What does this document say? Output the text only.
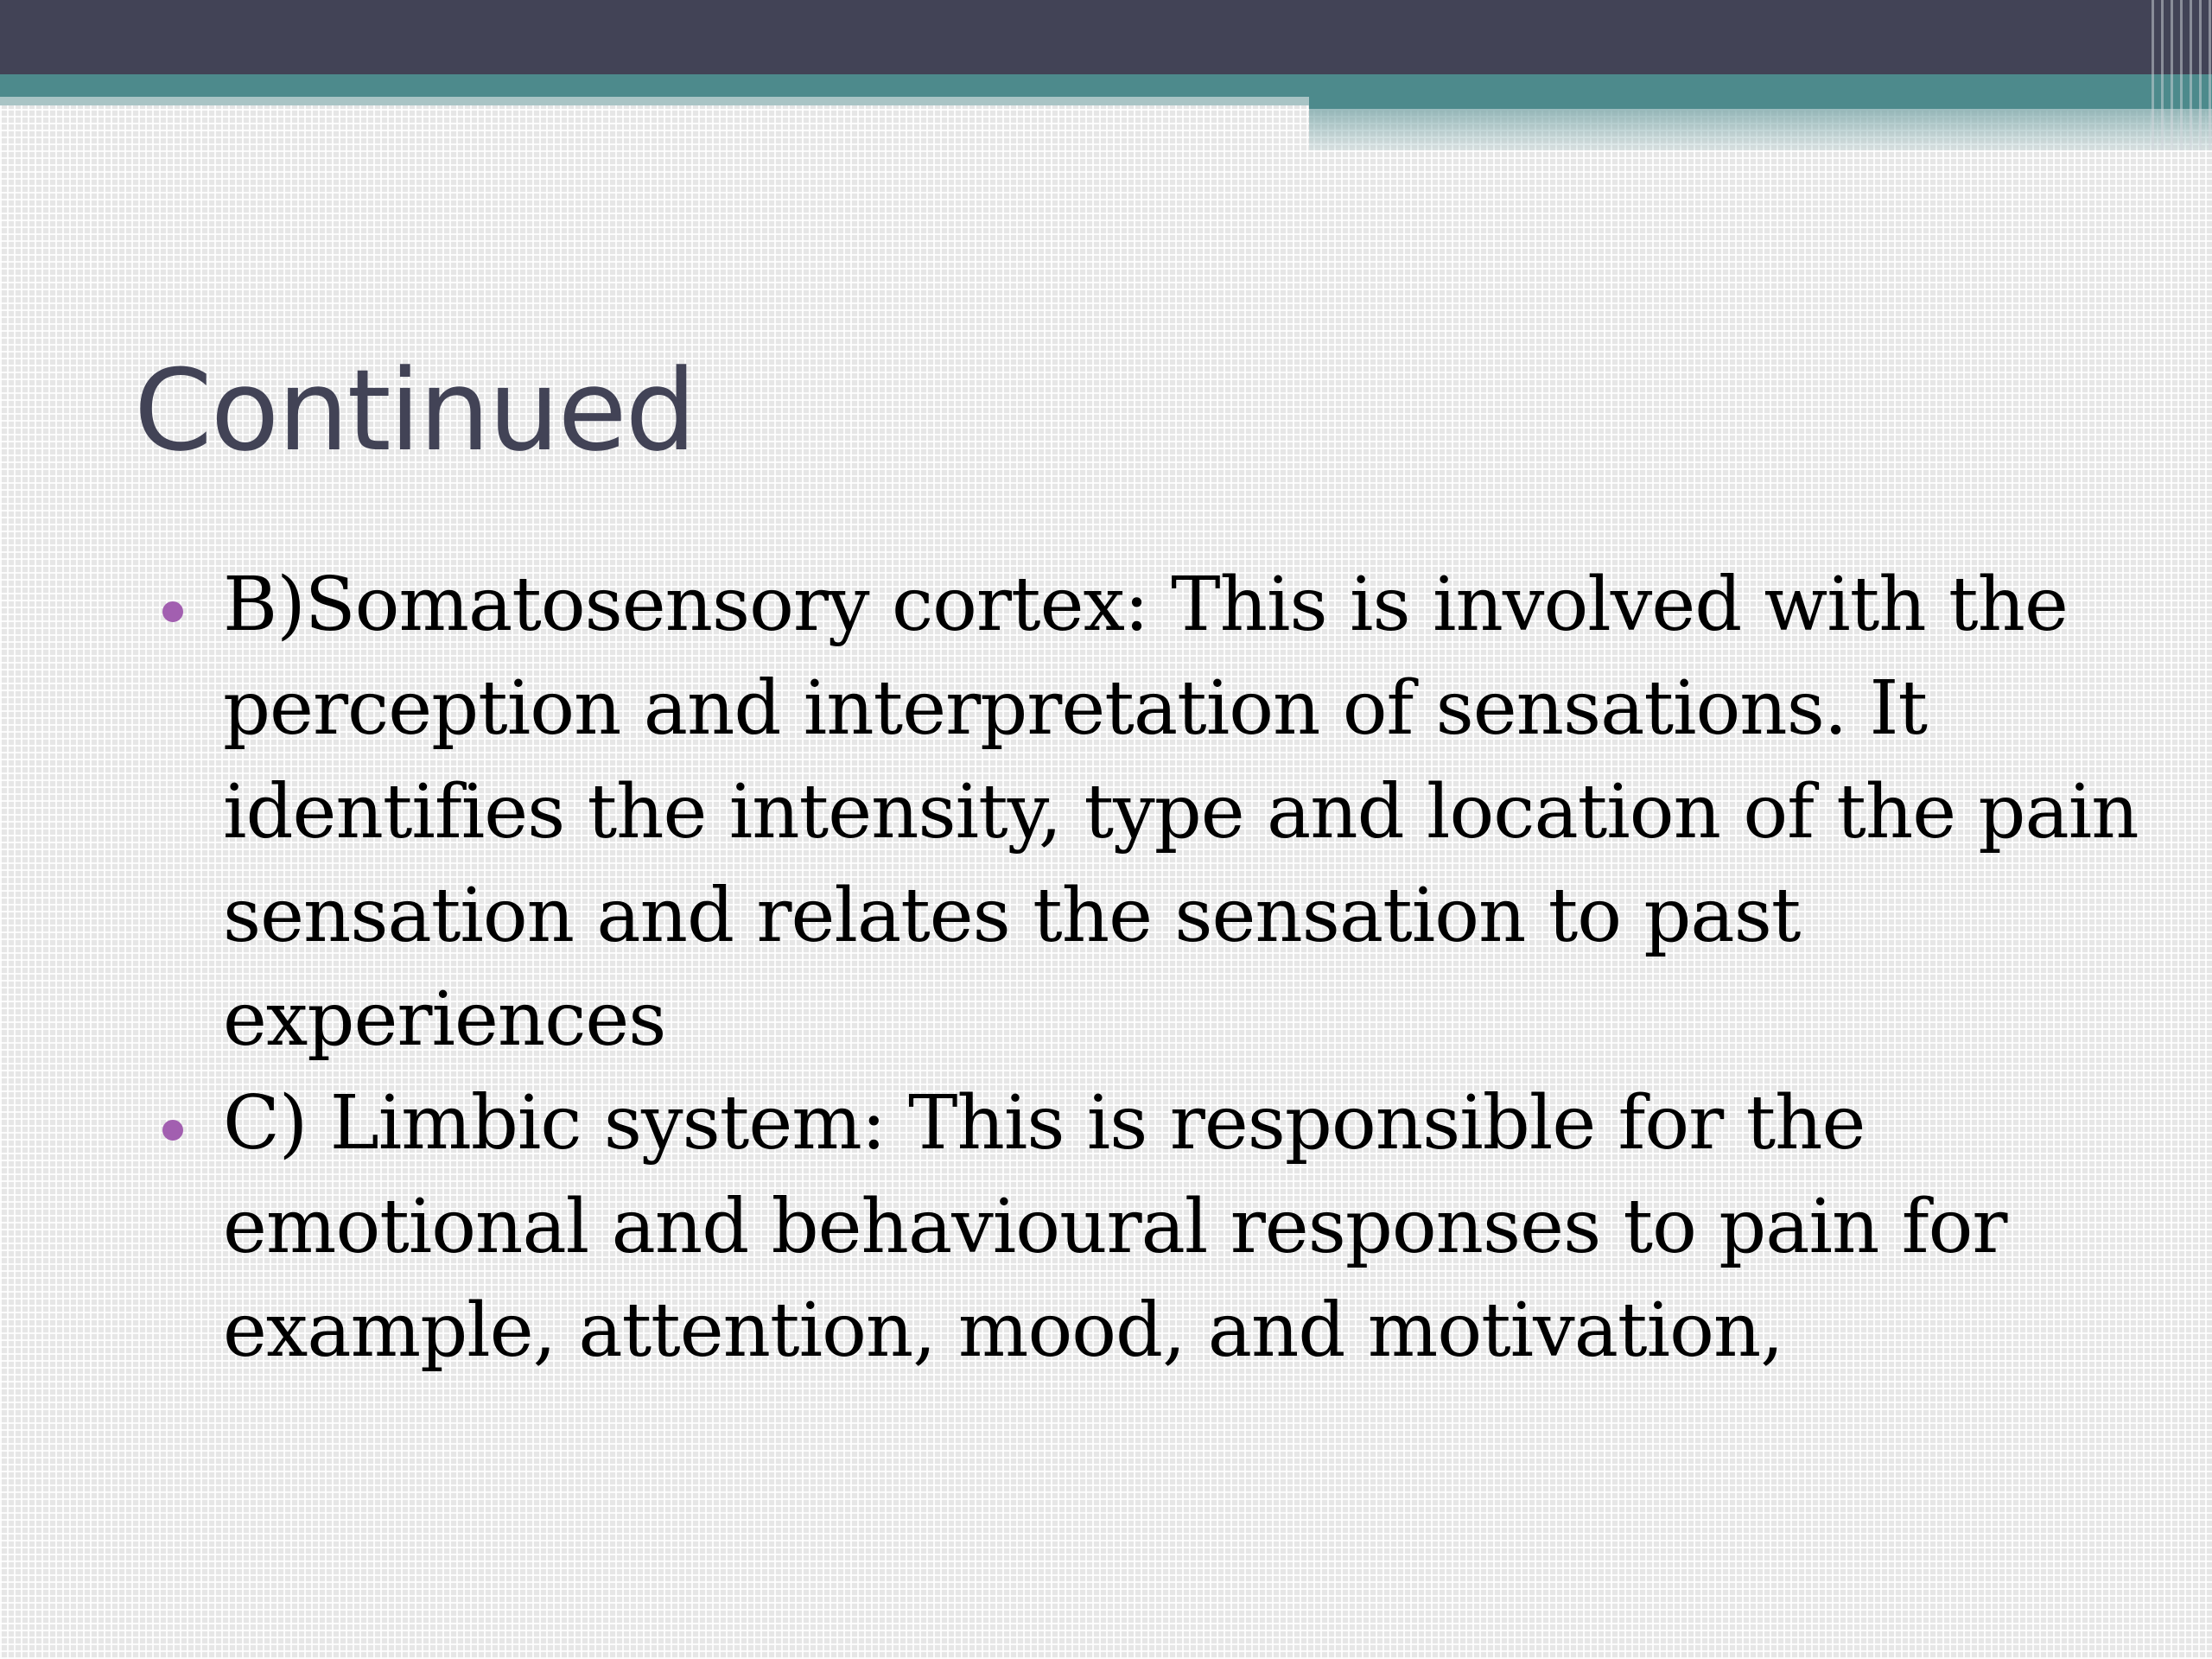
Continued
B)Somatosensory cortex: This is involved with the perception and interpretation of sensations. It identifies the intensity, type and location of the pain sensation and relates the sensation to past experiences
C) Limbic system: This is responsible for the emotional and behavioural responses to pain for example, attention, mood, and motivation,
